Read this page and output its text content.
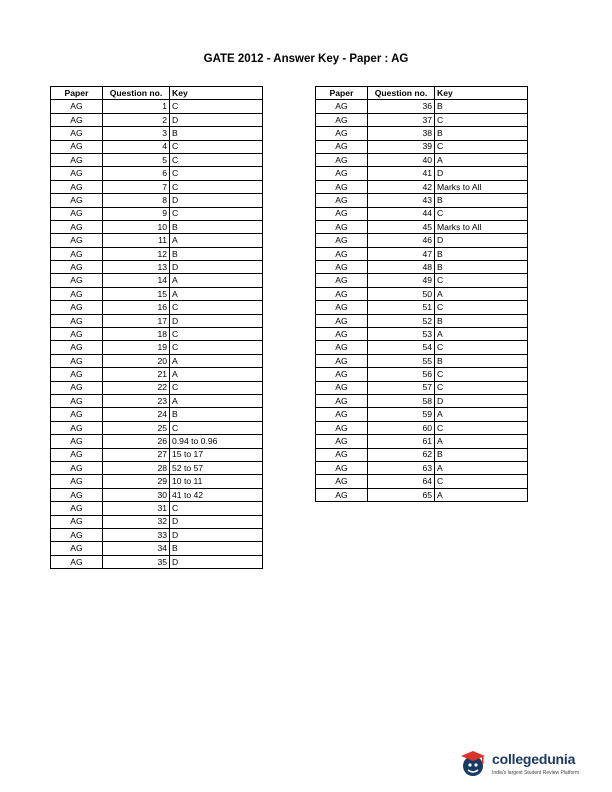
GATE 2012 - Answer Key - Paper : AG
Paper	Question no.	Key
AG	1	C
AG	2	D
AG	3	B
AG	4	C
AG	5	C
AG	6	C
AG	7	C
AG	8	D
AG	9	C
AG	10	B
AG	11	A
AG	12	B
AG	13	D
AG	14	A
AG	15	A
AG	16	C
AG	17	D
AG	18	C
AG	19	C
AG	20	A
AG	21	A
AG	22	C
AG	23	A
AG	24	B
AG	25	C
AG	26	0.94 to 0.96
AG	27	15 to 17
AG	28	52 to 57
AG	29	10 to 11
AG	30	41 to 42
AG	31	C
AG	32	D
AG	33	D
AG	34	B
AG	35	D
Paper	Question no.	Key
AG	36	B
AG	37	C
AG	38	B
AG	39	C
AG	40	A
AG	41	D
AG	42	Marks to All
AG	43	B
AG	44	C
AG	45	Marks to All
AG	46	D
AG	47	B
AG	48	B
AG	49	C
AG	50	A
AG	51	C
AG	52	B
AG	53	A
AG	54	C
AG	55	B
AG	56	C
AG	57	C
AG	58	D
AG	59	A
AG	60	C
AG	61	A
AG	62	B
AG	63	A
AG	64	C
AG	65	A
collegedunia
India's largest Student Review Platform
